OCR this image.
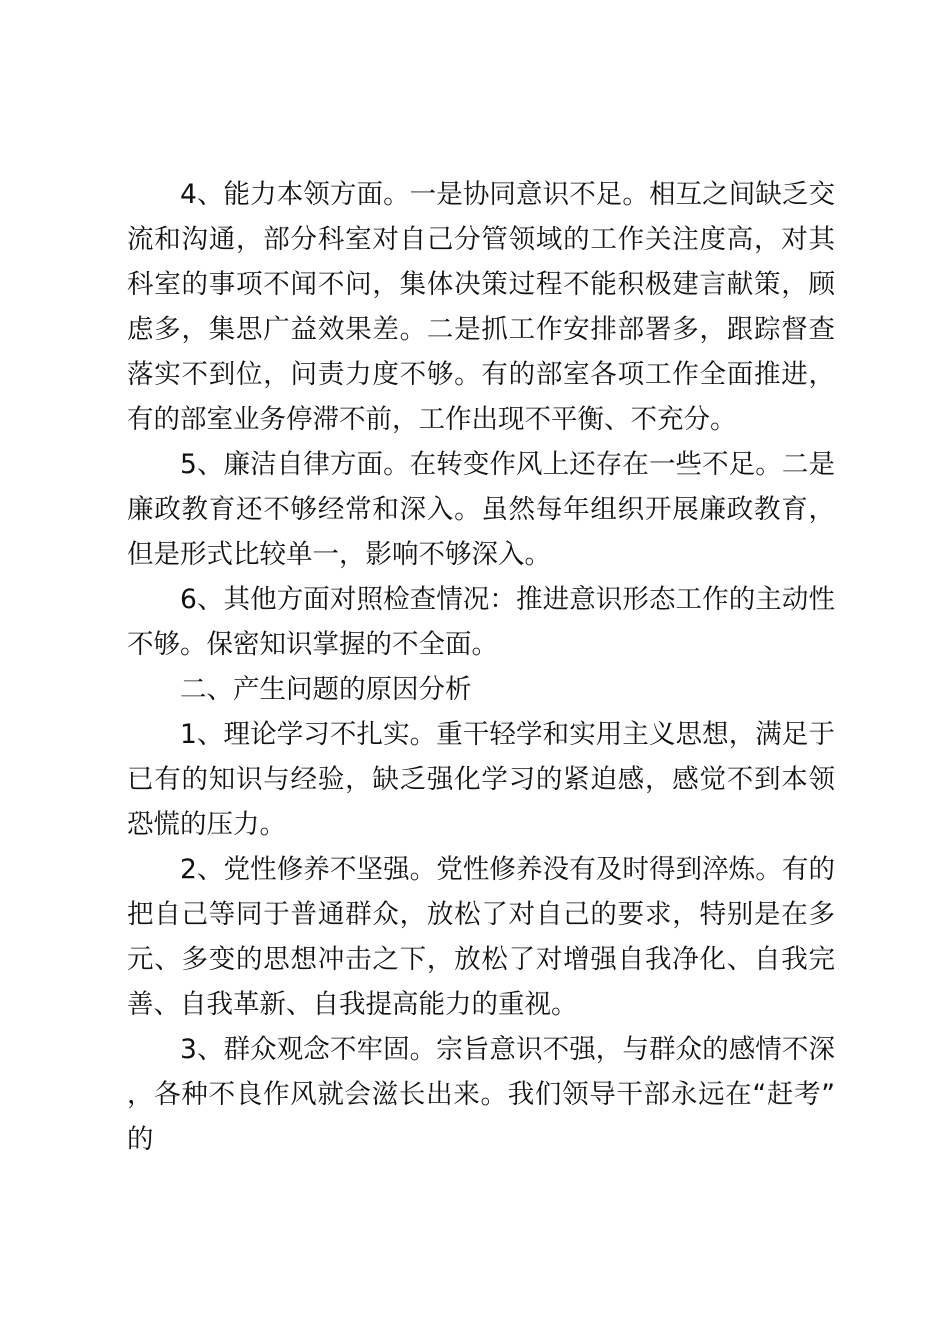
4、能力本领方面。一是协同意识不足。相互之间缺乏交流和沟通，部分科室对自己分管领域的工作关注度高，对其科室的事项不闻不问，集体决策过程不能积极建言献策，顾虑多，集思广益效果差。二是抓工作安排部署多，跟踪督查落实不到位，问责力度不够。有的部室各项工作全面推进，有的部室业务停滞不前，工作出现不平衡、不充分。

5、廉洁自律方面。在转变作风上还存在一些不足。二是廉政教育还不够经常和深入。虽然每年组织开展廉政教育，但是形式比较单一，影响不够深入。

6、其他方面对照检查情况：推进意识形态工作的主动性不够。保密知识掌握的不全面。

二、产生问题的原因分析

1、理论学习不扎实。重干轻学和实用主义思想，满足于已有的知识与经验，缺乏强化学习的紧迫感，感觉不到本领恐慌的压力。

2、党性修养不坚强。党性修养没有及时得到淬炼。有的把自己等同于普通群众，放松了对自己的要求，特别是在多元、多变的思想冲击之下，放松了对增强自我净化、自我完善、自我革新、自我提高能力的重视。

3、群众观念不牢固。宗旨意识不强，与群众的感情不深，各种不良作风就会滋长出来。我们领导干部永远在“赶考”的
